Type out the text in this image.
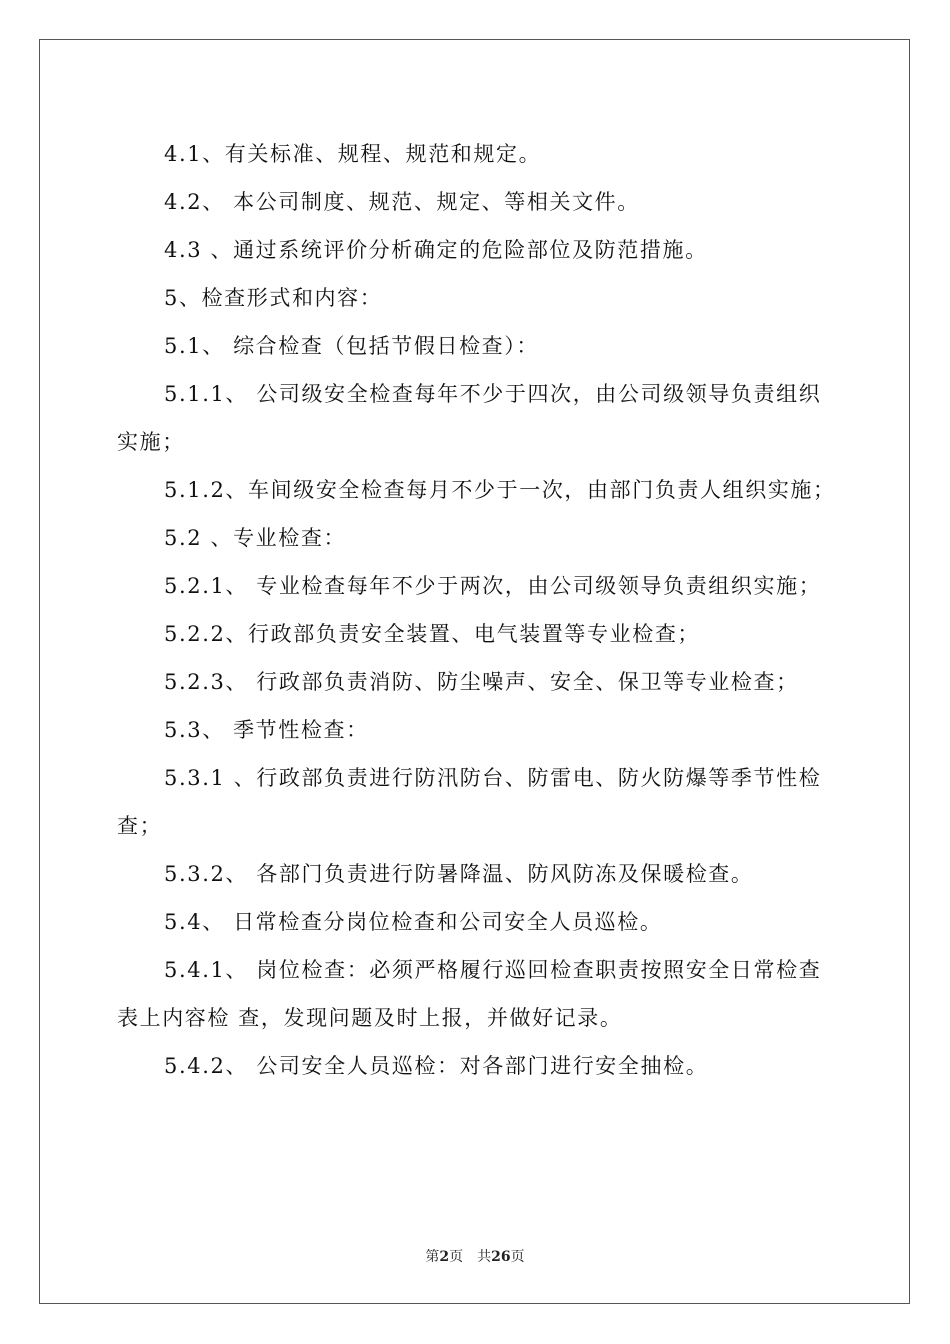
4.1、有关标准、规程、规范和规定。

4.2、 本公司制度、规范、规定、等相关文件。

4.3 、通过系统评价分析确定的危险部位及防范措施。

5、检查形式和内容：

5.1、 综合检查（包括节假日检查）：

5.1.1、 公司级安全检查每年不少于四次，由公司级领导负责组织实施；

5.1.2、车间级安全检查每月不少于一次，由部门负责人组织实施；

5.2 、专业检查：

5.2.1、 专业检查每年不少于两次，由公司级领导负责组织实施；

5.2.2、行政部负责安全装置、电气装置等专业检查；

5.2.3、 行政部负责消防、防尘噪声、安全、保卫等专业检查；

5.3、 季节性检查：

5.3.1 、行政部负责进行防汛防台、防雷电、防火防爆等季节性检查；

5.3.2、 各部门负责进行防暑降温、防风防冻及保暖检查。

5.4、 日常检查分岗位检查和公司安全人员巡检。

5.4.1、 岗位检查：必须严格履行巡回检查职责按照安全日常检查表上内容检 查，发现问题及时上报，并做好记录。

5.4.2、 公司安全人员巡检：对各部门进行安全抽检。

第2页 共26页
